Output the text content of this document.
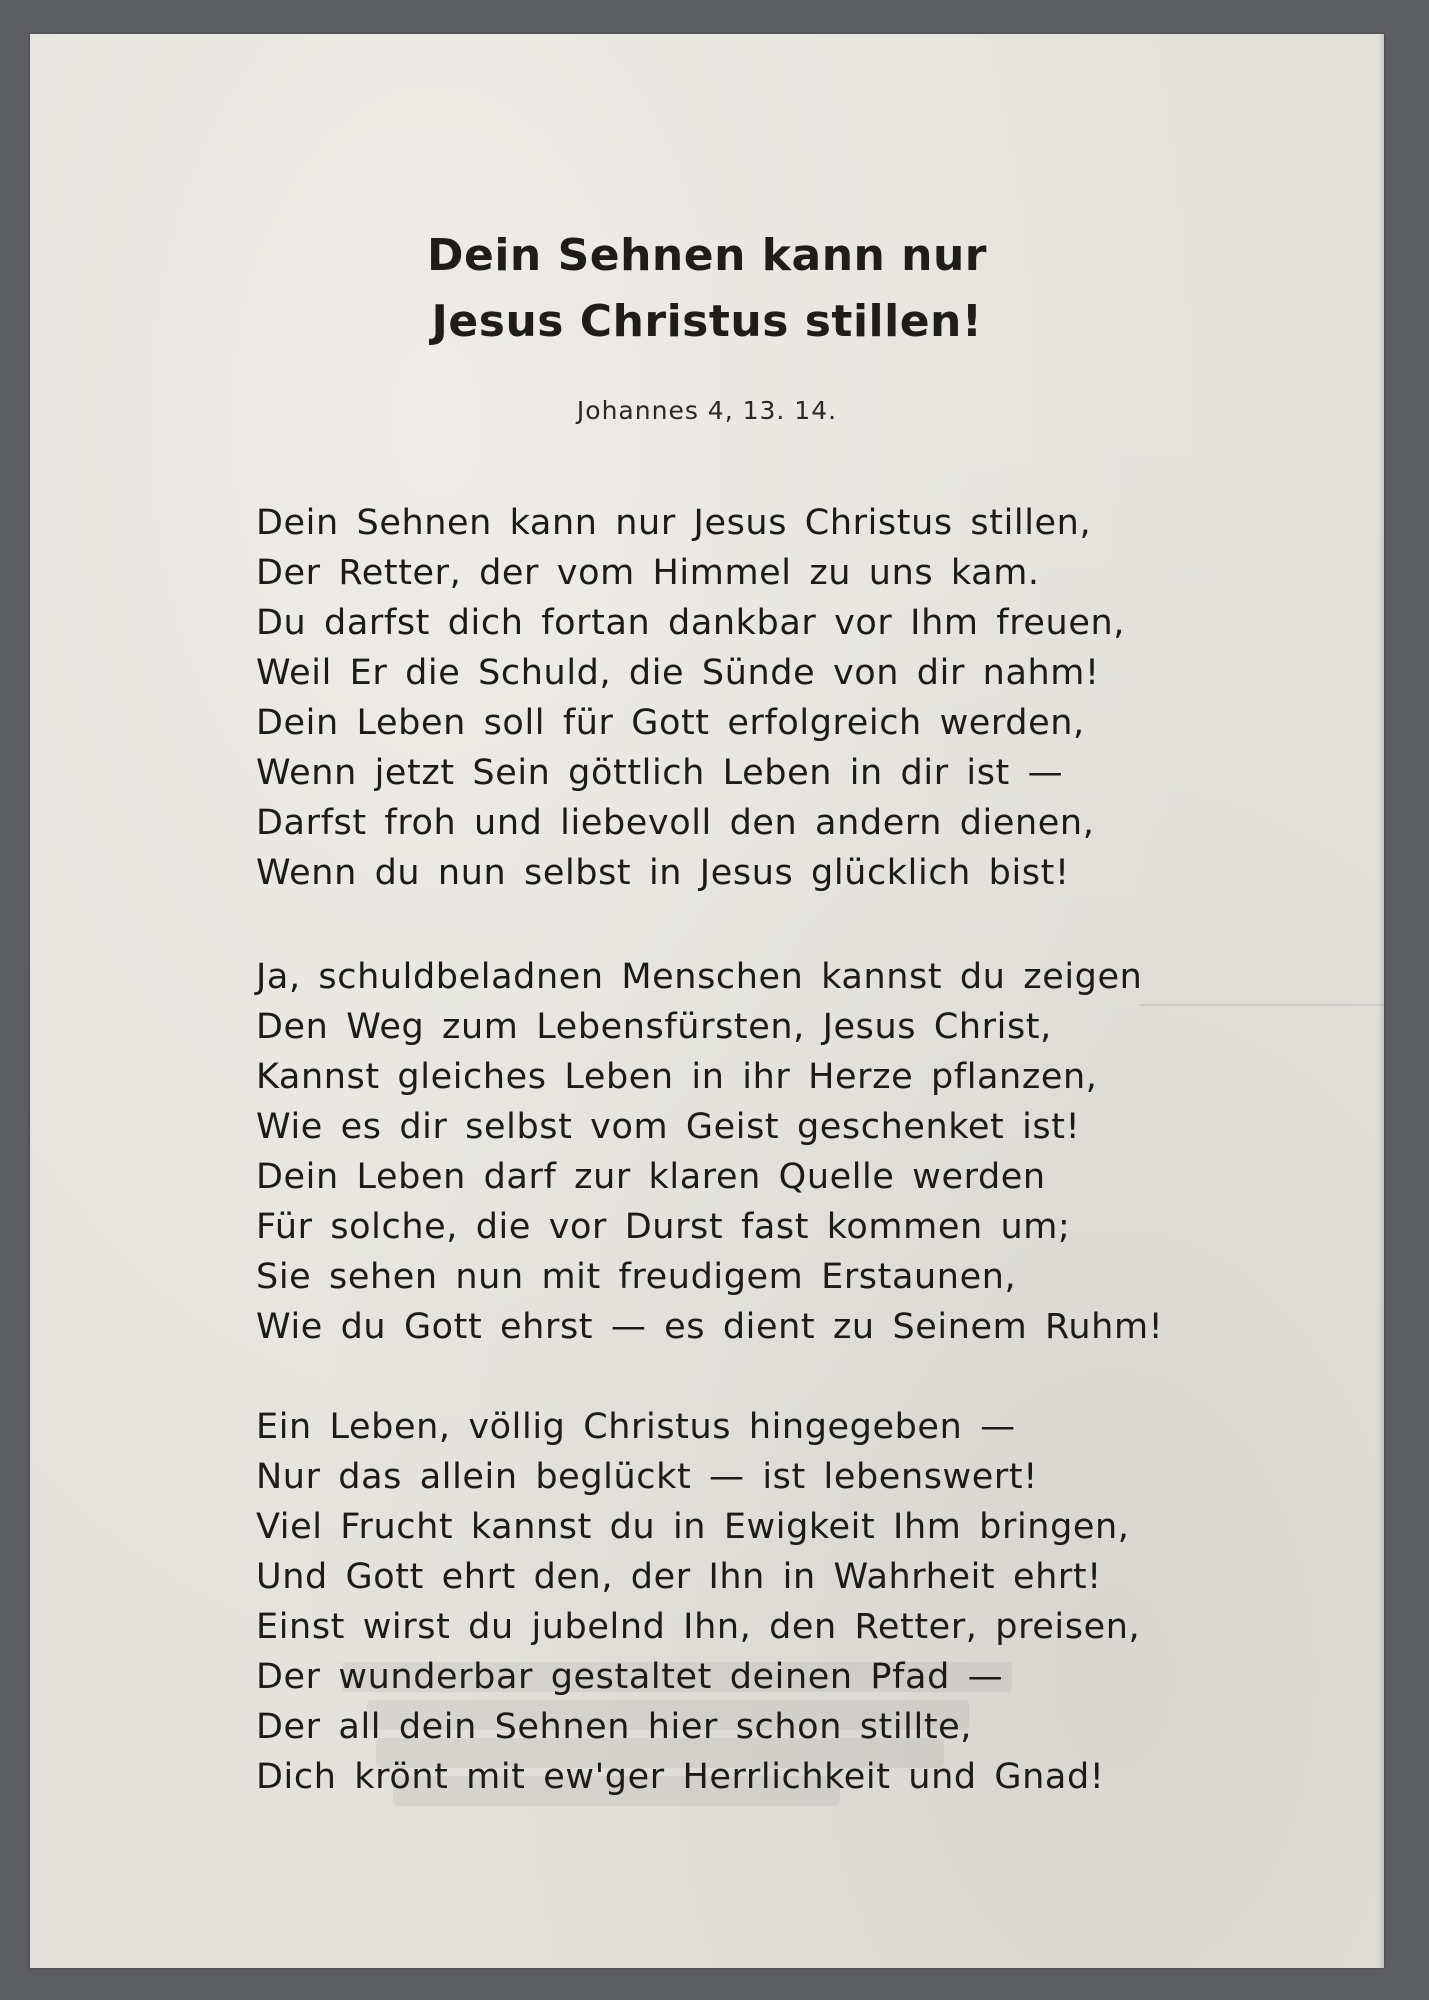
Dein Sehnen kann nur
Jesus Christus stillen!
Johannes 4, 13. 14.
Dein Sehnen kann nur Jesus Christus stillen,
Der Retter, der vom Himmel zu uns kam.
Du darfst dich fortan dankbar vor Ihm freuen,
Weil Er die Schuld, die Sünde von dir nahm!
Dein Leben soll für Gott erfolgreich werden,
Wenn jetzt Sein göttlich Leben in dir ist —
Darfst froh und liebevoll den andern dienen,
Wenn du nun selbst in Jesus glücklich bist!
Ja, schuldbeladnen Menschen kannst du zeigen
Den Weg zum Lebensfürsten, Jesus Christ,
Kannst gleiches Leben in ihr Herze pflanzen,
Wie es dir selbst vom Geist geschenket ist!
Dein Leben darf zur klaren Quelle werden
Für solche, die vor Durst fast kommen um;
Sie sehen nun mit freudigem Erstaunen,
Wie du Gott ehrst — es dient zu Seinem Ruhm!
Ein Leben, völlig Christus hingegeben —
Nur das allein beglückt — ist lebenswert!
Viel Frucht kannst du in Ewigkeit Ihm bringen,
Und Gott ehrt den, der Ihn in Wahrheit ehrt!
Einst wirst du jubelnd Ihn, den Retter, preisen,
Der wunderbar gestaltet deinen Pfad —
Der all dein Sehnen hier schon stillte,
Dich krönt mit ew'ger Herrlichkeit und Gnad!
